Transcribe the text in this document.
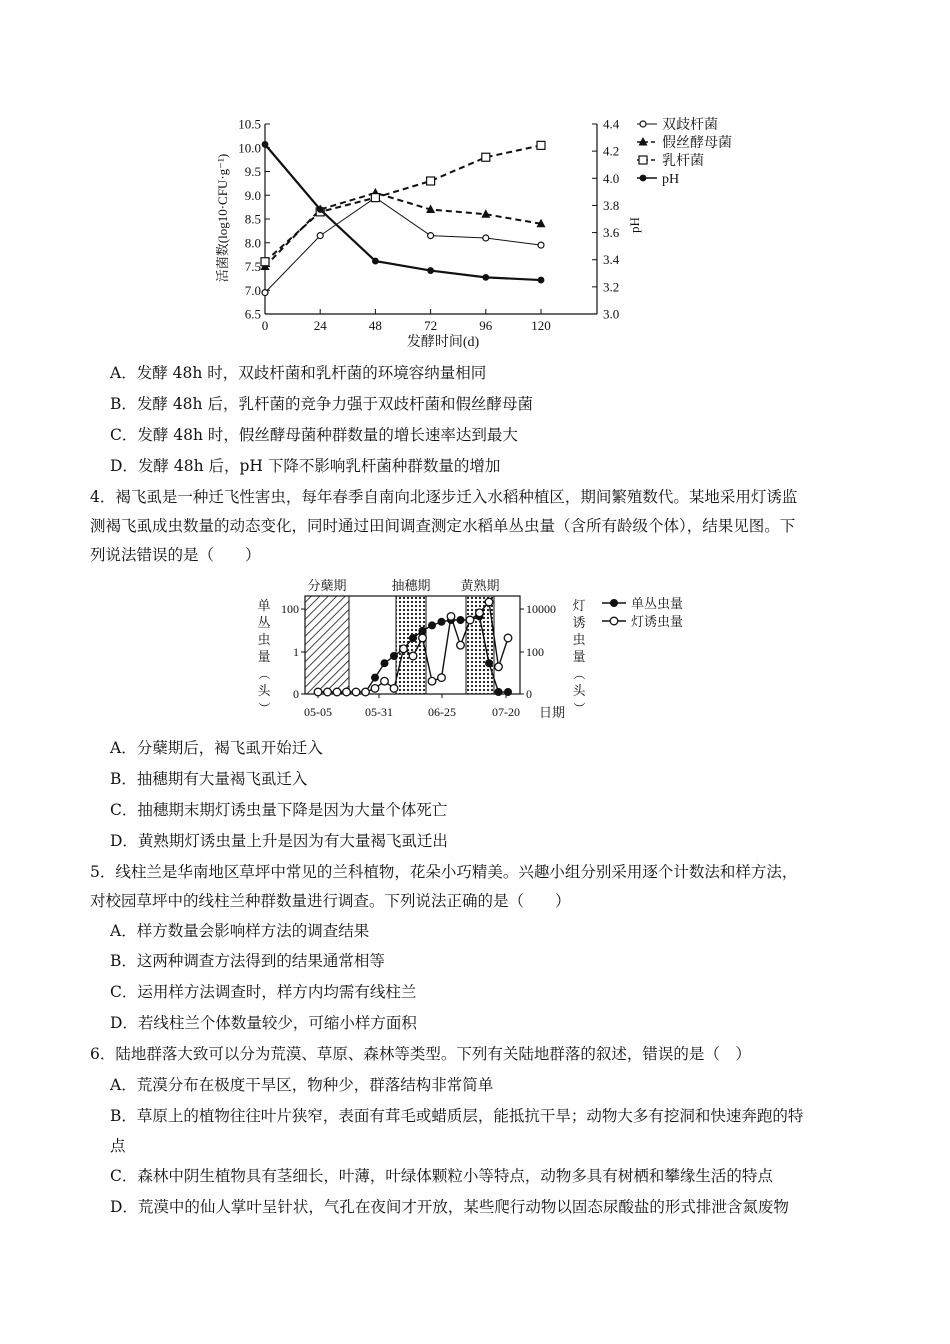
6.5
7.0
7.5
8.0
8.5
9.0
9.5
10.0
10.5
3.0
3.2
3.4
3.6
3.8
4.0
4.2
4.4
0	24	48	72	96	120
双歧杆菌
假丝酵母菌
乳杆菌
pH
发酵时间(d)
活菌数(log10·CFU·g⁻¹)	pH
A．发酵 48h 时，双歧杆菌和乳杆菌的环境容纳量相同
B．发酵 48h 后，乳杆菌的竞争力强于双歧杆菌和假丝酵母菌
C．发酵 48h 时，假丝酵母菌种群数量的增长速率达到最大
D．发酵 48h 后，pH 下降不影响乳杆菌种群数量的增加
4．褐飞虱是一种迁飞性害虫，每年春季自南向北逐步迁入水稻种植区，期间繁殖数代。某地采用灯诱监
测褐飞虱成虫数量的动态变化，同时通过田间调查测定水稻单丛虫量（含所有龄级个体），结果见图。下
列说法错误的是（　　）
分蘖期	抽穗期 黄熟期
0
1
100
0
100
10000
05-05	05-31	06-25	07-20
单丛虫量
灯诱虫量
单
丛
虫
量
（
头
）
灯
诱
虫
量
（
头
）
日期
A．分蘖期后，褐飞虱开始迁入
B．抽穗期有大量褐飞虱迁入
C．抽穗期末期灯诱虫量下降是因为大量个体死亡
D．黄熟期灯诱虫量上升是因为有大量褐飞虱迁出
5．线柱兰是华南地区草坪中常见的兰科植物，花朵小巧精美。兴趣小组分别采用逐个计数法和样方法，
对校园草坪中的线柱兰种群数量进行调查。下列说法正确的是（　　）
A．样方数量会影响样方法的调查结果
B．这两种调查方法得到的结果通常相等
C．运用样方法调查时，样方内均需有线柱兰
D．若线柱兰个体数量较少，可缩小样方面积
6．陆地群落大致可以分为荒漠、草原、森林等类型。下列有关陆地群落的叙述，错误的是（　）
A．荒漠分布在极度干旱区，物种少，群落结构非常简单
B．草原上的植物往往叶片狭窄，表面有茸毛或蜡质层，能抵抗干旱；动物大多有挖洞和快速奔跑的特
点
C．森林中阴生植物具有茎细长，叶薄，叶绿体颗粒小等特点，动物多具有树栖和攀缘生活的特点
D．荒漠中的仙人掌叶呈针状，气孔在夜间才开放，某些爬行动物以固态尿酸盐的形式排泄含氮废物
